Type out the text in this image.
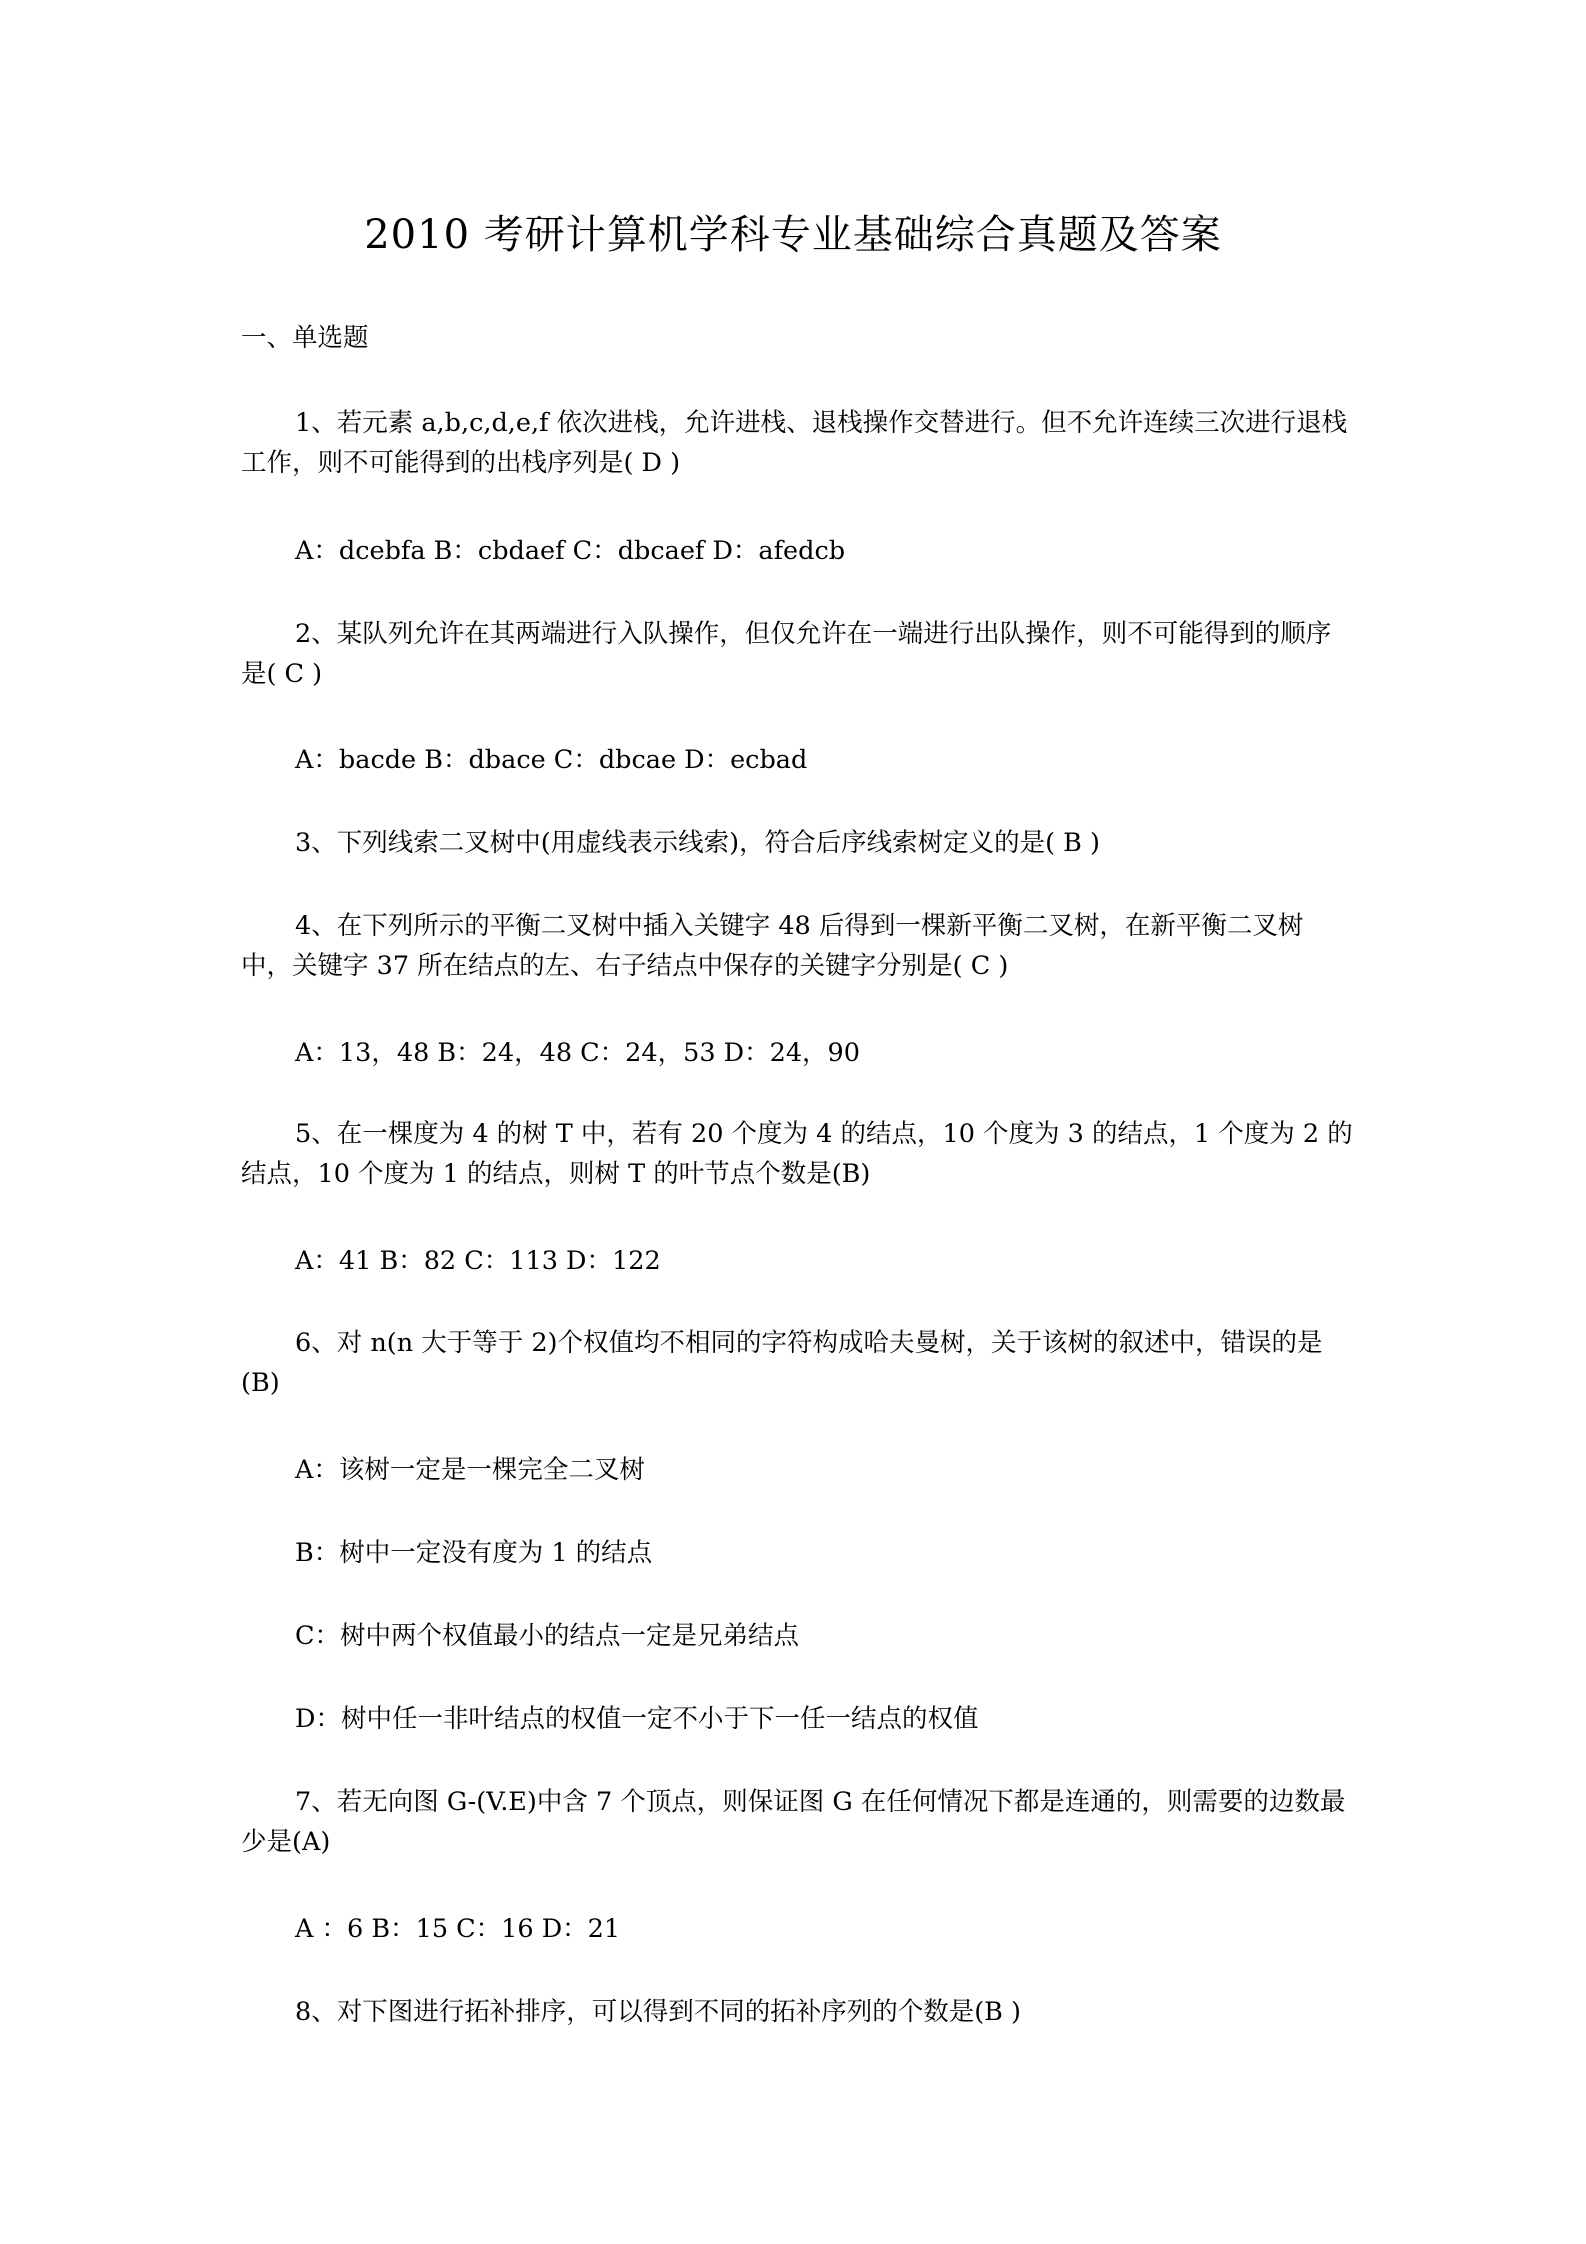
2010 考研计算机学科专业基础综合真题及答案
一、单选题
1、若元素 a,b,c,d,e,f 依次进栈，允许进栈、退栈操作交替进行。但不允许连续三次进行退栈工作，则不可能得到的出栈序列是( D )
A：dcebfa B：cbdaef C：dbcaef D：afedcb
2、某队列允许在其两端进行入队操作，但仅允许在一端进行出队操作，则不可能得到的顺序是( C )
A：bacde B：dbace C：dbcae D：ecbad
3、下列线索二叉树中(用虚线表示线索)，符合后序线索树定义的是( B )
4、在下列所示的平衡二叉树中插入关键字 48 后得到一棵新平衡二叉树，在新平衡二叉树中，关键字 37 所在结点的左、右子结点中保存的关键字分别是( C )
A：13，48 B：24，48 C：24，53 D：24，90
5、在一棵度为 4 的树 T 中，若有 20 个度为 4 的结点，10 个度为 3 的结点，1 个度为 2 的结点，10 个度为 1 的结点，则树 T 的叶节点个数是(B)
A：41 B：82 C：113 D：122
6、对 n(n 大于等于 2)个权值均不相同的字符构成哈夫曼树，关于该树的叙述中，错误的是(B)
A：该树一定是一棵完全二叉树
B：树中一定没有度为 1 的结点
C：树中两个权值最小的结点一定是兄弟结点
D：树中任一非叶结点的权值一定不小于下一任一结点的权值
7、若无向图 G-(V.E)中含 7 个顶点，则保证图 G 在任何情况下都是连通的，则需要的边数最少是(A)
A ：6 B：15 C：16 D：21
8、对下图进行拓补排序，可以得到不同的拓补序列的个数是(B )
